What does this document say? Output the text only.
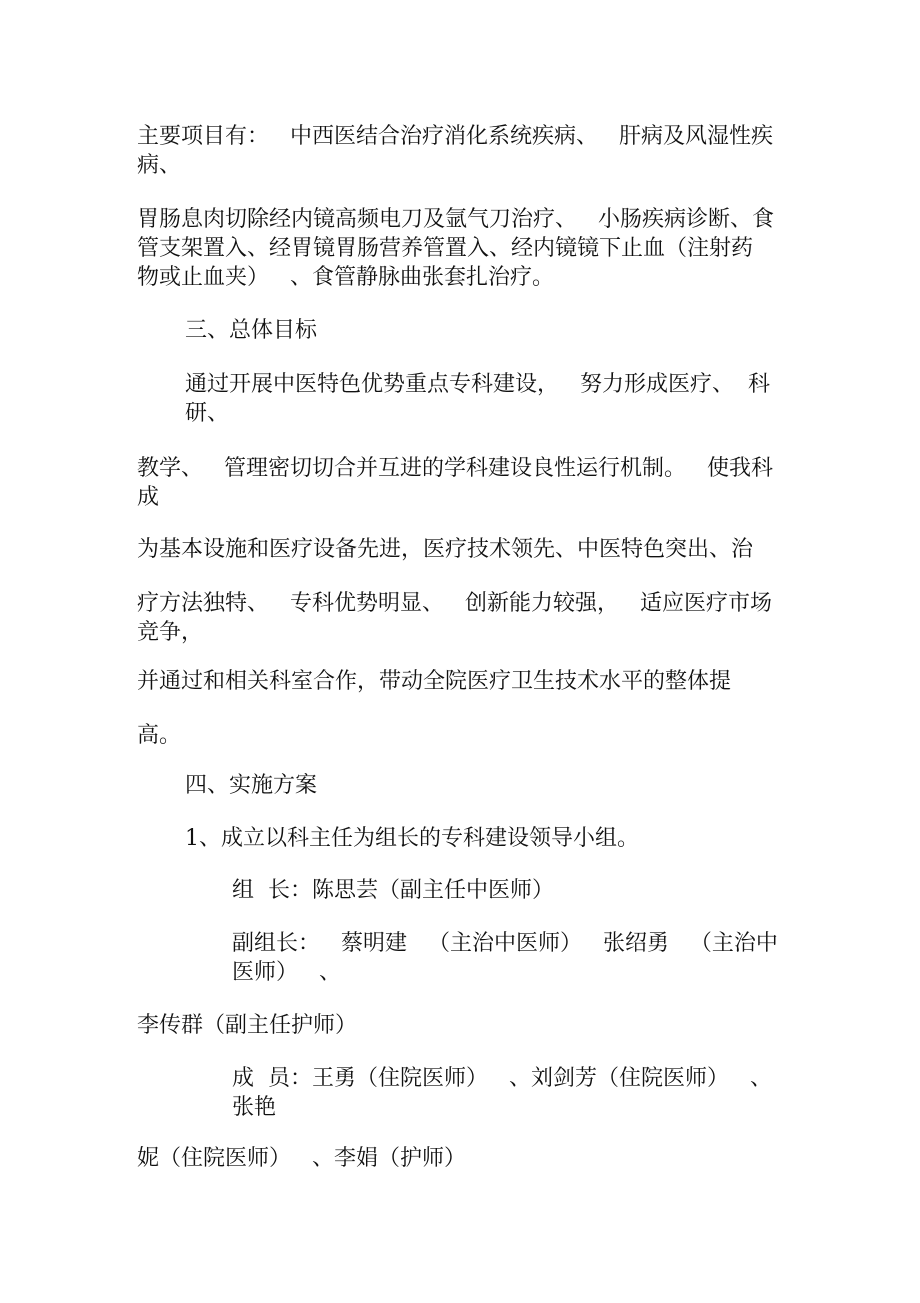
主要项目有：   中西医结合治疗消化系统疾病、   肝病及风湿性疾病、
胃肠息肉切除经内镜高频电刀及氩气刀治疗、   小肠疾病诊断、食 管支架置入、经胃镜胃肠营养管置入、经内镜镜下止血（注射药  物或止血夹）   、食管静脉曲张套扎治疗。
三、总体目标
通过开展中医特色优势重点专科建设，   努力形成医疗、  科研、
教学、   管理密切切合并互进的学科建设良性运行机制。   使我科成
为基本设施和医疗设备先进，医疗技术领先、中医特色突出、治
疗方法独特、   专科优势明显、   创新能力较强，   适应医疗市场竞争，
并通过和相关科室合作，带动全院医疗卫生技术水平的整体提
高。
四、实施方案
1、成立以科主任为组长的专科建设领导小组。
组  长：陈思芸（副主任中医师）
副组长：   蔡明建   （主治中医师）   张绍勇   （主治中医师）   、
李传群（副主任护师）
成  员：王勇（住院医师）   、刘剑芳（住院医师）   、张艳
妮（住院医师）   、李娟（护师）
